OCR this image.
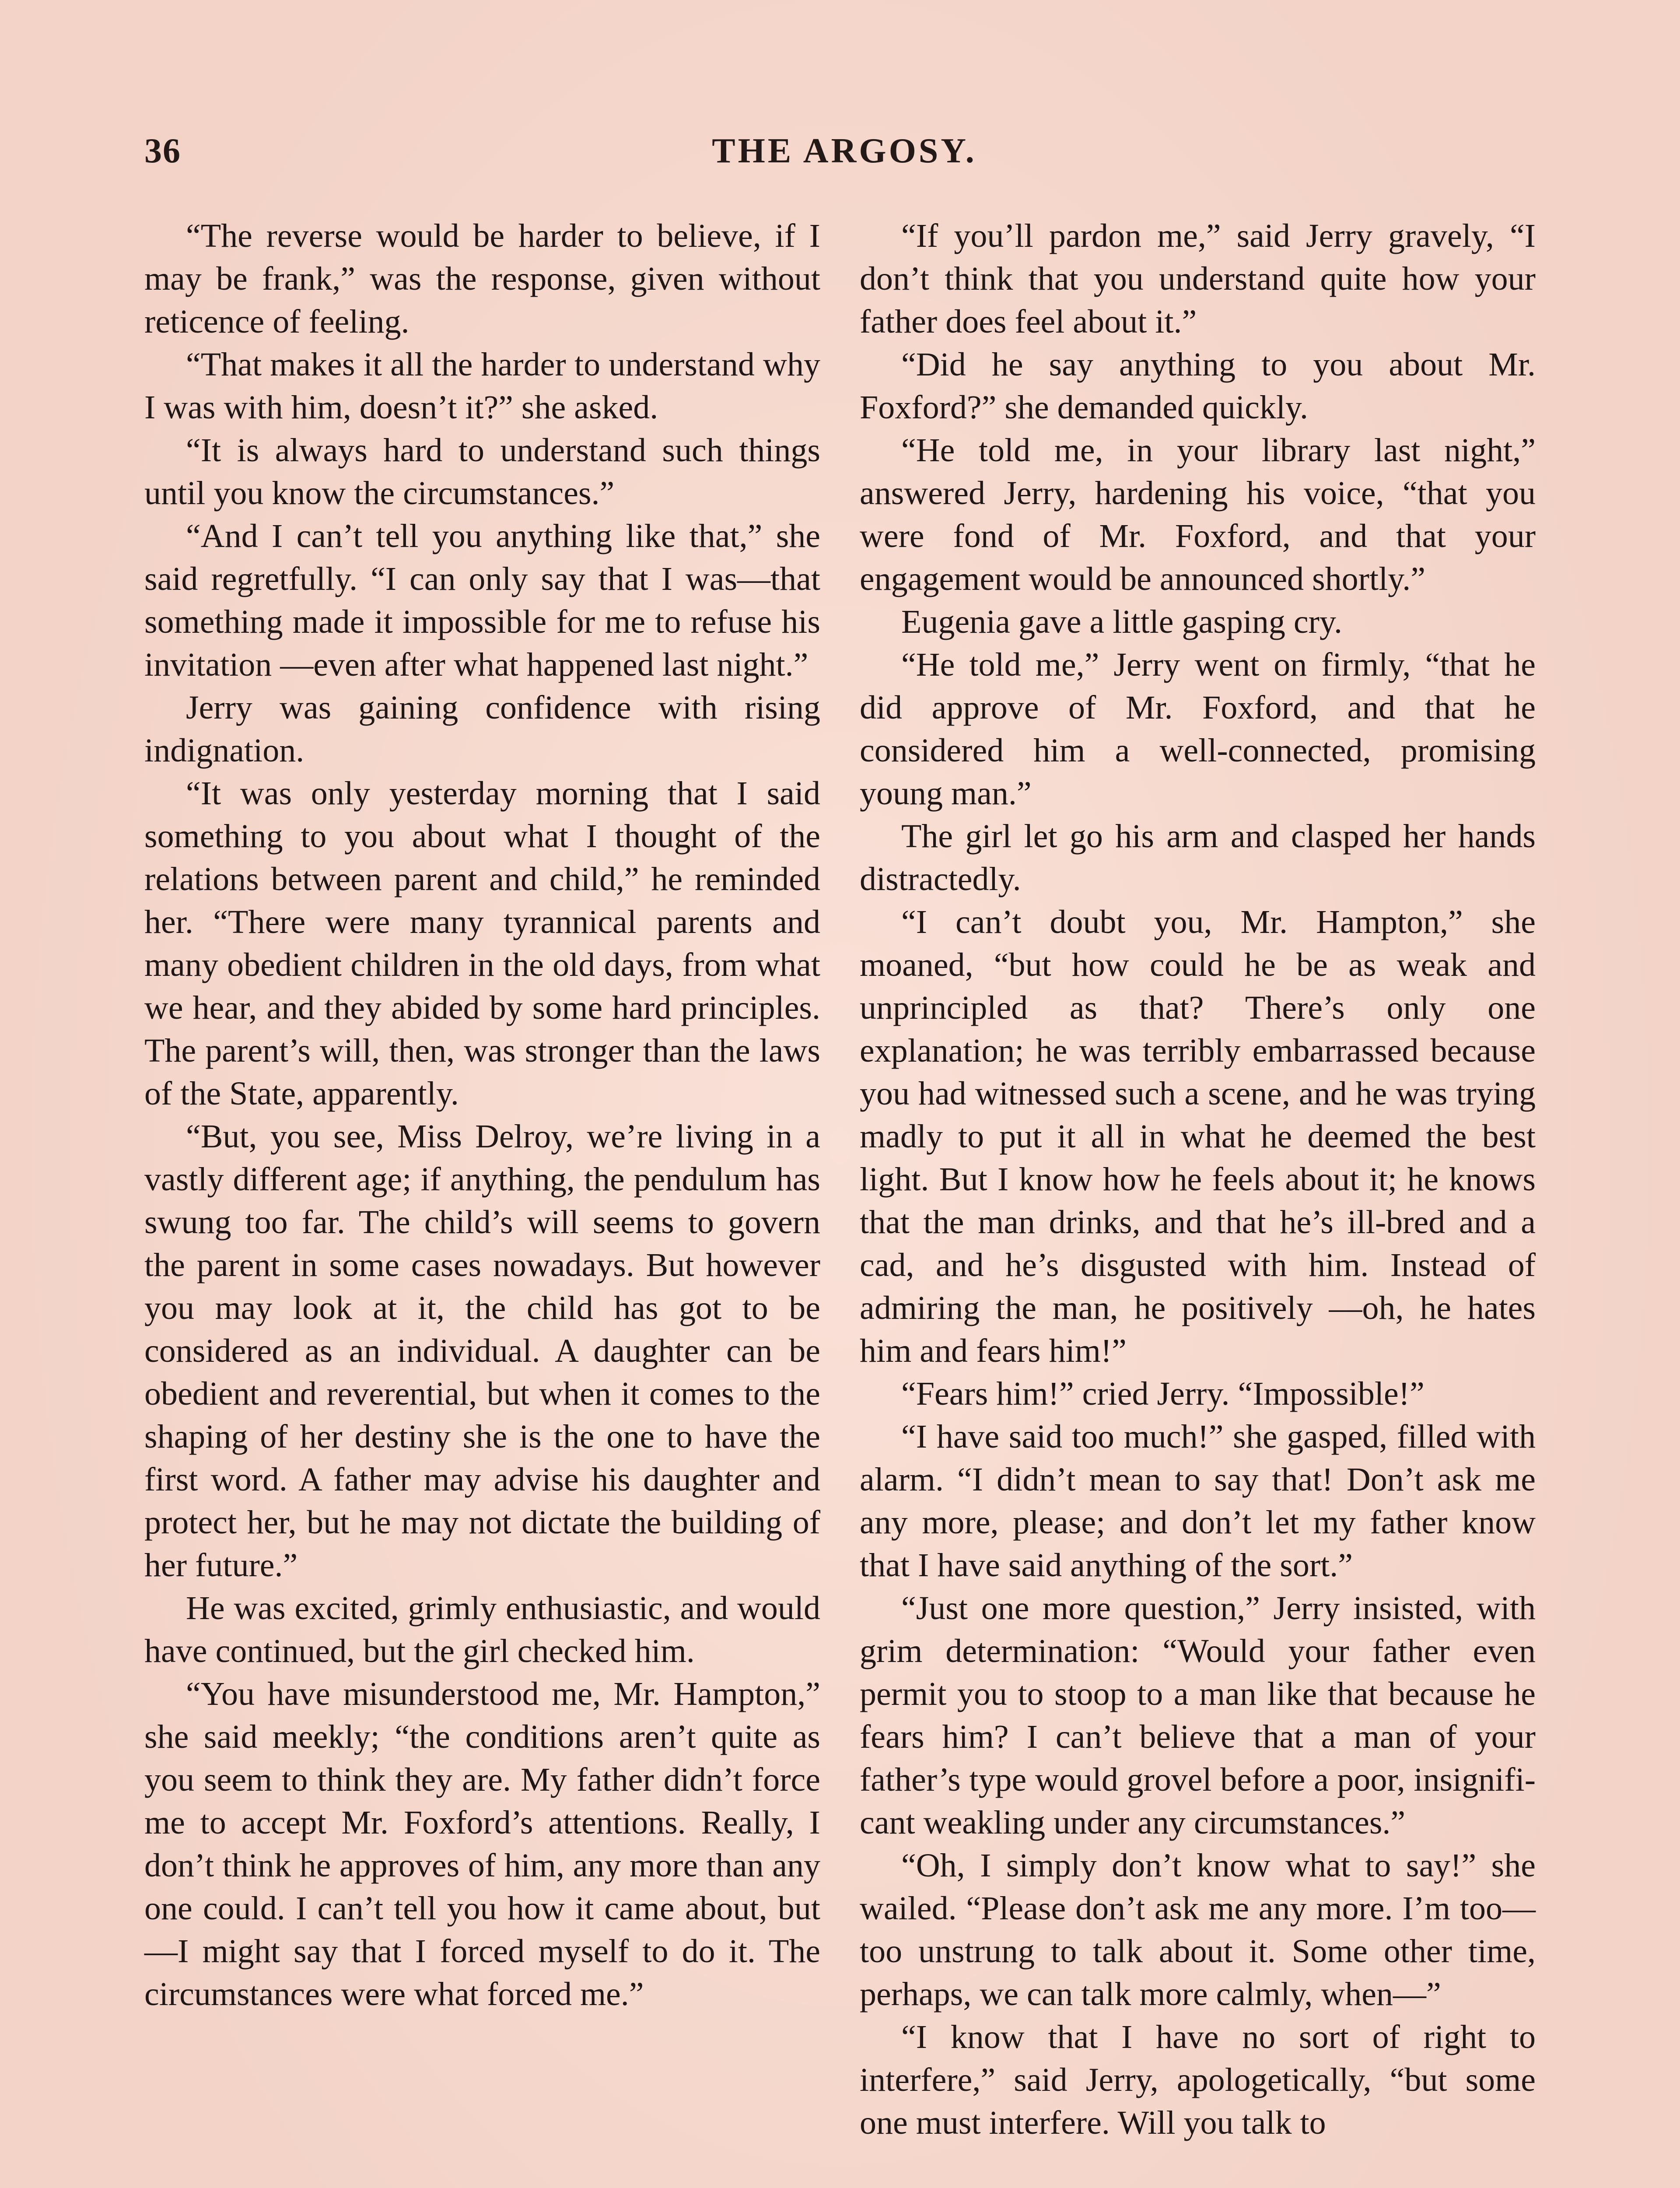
36	THE ARGOSY.

“The reverse would be harder to believe, if I may be frank,” was the response, given without reticence of feeling.

“That makes it all the harder to understand why I was with him, doesn’t it?” she asked.

“It is always hard to understand such things until you know the circumstances.”

“And I can’t tell you anything like that,” she said regretfully. “I can only say that I was—that something made it impossible for me to refuse his invitation —even after what happened last night.”

Jerry was gaining confidence with rising indignation.

“It was only yesterday morning that I said something to you about what I thought of the relations between parent and child,” he reminded her. “There were many tyrannical parents and many obedient children in the old days, from what we hear, and they abided by some hard principles. The parent’s will, then, was stronger than the laws of the State, apparently.

“But, you see, Miss Delroy, we’re living in a vastly different age; if anything, the pendulum has swung too far. The child’s will seems to govern the parent in some cases nowadays. But however you may look at it, the child has got to be considered as an individual. A daughter can be obedient and reverential, but when it comes to the shaping of her destiny she is the one to have the first word. A father may advise his daughter and protect her, but he may not dictate the building of her future.”

He was excited, grimly enthusiastic, and would have continued, but the girl checked him.

“You have misunderstood me, Mr. Hampton,” she said meekly; “the conditions aren’t quite as you seem to think they are. My father didn’t force me to accept Mr. Foxford’s attentions. Really, I don’t think he approves of him, any more than any one could. I can’t tell you how it came about, but—I might say that I forced myself to do it. The circumstances were what forced me.”

“If you’ll pardon me,” said Jerry gravely, “I don’t think that you understand quite how your father does feel about it.”

“Did he say anything to you about Mr. Foxford?” she demanded quickly.

“He told me, in your library last night,” answered Jerry, hardening his voice, “that you were fond of Mr. Foxford, and that your engagement would be announced shortly.”

Eugenia gave a little gasping cry.

“He told me,” Jerry went on firmly, “that he did approve of Mr. Foxford, and that he considered him a well-connected, promising young man.”

The girl let go his arm and clasped her hands distractedly.

“I can’t doubt you, Mr. Hampton,” she moaned, “but how could he be as weak and unprincipled as that? There’s only one explanation; he was terribly embarrassed because you had witnessed such a scene, and he was trying madly to put it all in what he deemed the best light. But I know how he feels about it; he knows that the man drinks, and that he’s ill-bred and a cad, and he’s disgusted with him. Instead of admiring the man, he positively —oh, he hates him and fears him!”

“Fears him!” cried Jerry. “Impossible!”

“I have said too much!” she gasped, filled with alarm. “I didn’t mean to say that! Don’t ask me any more, please; and don’t let my father know that I have said anything of the sort.”

“Just one more question,” Jerry insisted, with grim determination: “Would your father even permit you to stoop to a man like that because he fears him? I can’t believe that a man of your father’s type would grovel before a poor, insignificant weakling under any circumstances.”

“Oh, I simply don’t know what to say!” she wailed. “Please don’t ask me any more. I’m too—too unstrung to talk about it. Some other time, perhaps, we can talk more calmly, when—”

“I know that I have no sort of right to interfere,” said Jerry, apologetically, “but some one must interfere. Will you talk to
